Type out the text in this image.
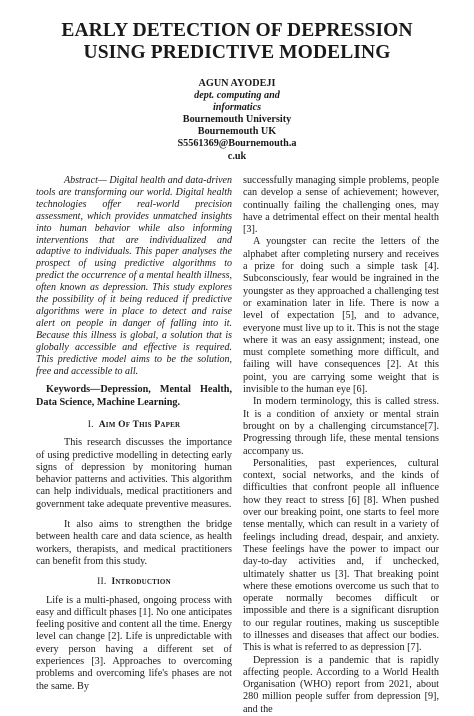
EARLY DETECTION OF DEPRESSION
USING PREDICTIVE MODELING
AGUN AYODEJI
dept. computing and
informatics
Bournemouth University
Bournemouth UK
S5561369@Bournemouth.a
c.uk

Abstract— Digital health and data-driven tools are transforming our world. Digital health technologies offer real-world precision assessment, which provides unmatched insights into human behavior while also informing interventions that are individualized and adaptive to individuals. This paper analyses the prospect of using predictive algorithms to predict the occurrence of a mental health illness, often known as depression. This study explores the possibility of it being reduced if predictive algorithms were in place to detect and raise alert on people in danger of falling into it. Because this illness is global, a solution that is globally accessible and effective is required. This predictive model aims to be the solution, free and accessible to all.

Keywords—Depression, Mental Health, Data Science, Machine Learning.

I. Aim Of This Paper

This research discusses the importance of using predictive modelling in detecting early signs of depression by monitoring human behavior patterns and activities. This algorithm can help individuals, medical practitioners and government take adequate preventive measures.

It also aims to strengthen the bridge between health care and data science, as health workers, therapists, and medical practitioners can benefit from this study.

II. Introduction

Life is a multi-phased, ongoing process with easy and difficult phases [1]. No one anticipates feeling positive and content all the time. Energy level can change [2]. Life is unpredictable with every person having a different set of experiences [3]. Approaches to overcoming problems and overcoming life's phases are not the same. By

successfully managing simple problems, people can develop a sense of achievement; however, continually failing the challenging ones, may have a detrimental effect on their mental health [3].

A youngster can recite the letters of the alphabet after completing nursery and receives a prize for doing such a simple task [4]. Subconsciously, fear would be ingrained in the youngster as they approached a challenging test or examination later in life. There is now a level of expectation [5], and to advance, everyone must live up to it. This is not the stage where it was an easy assignment; instead, one must complete something more difficult, and failing will have consequences [2]. At this point, you are carrying some weight that is invisible to the human eye [6].

In modern terminology, this is called stress. It is a condition of anxiety or mental strain brought on by a challenging circumstance[7]. Progressing through life, these mental tensions accompany us.

Personalities, past experiences, cultural context, social networks, and the kinds of difficulties that confront people all influence how they react to stress [6] [8]. When pushed over our breaking point, one starts to feel more tense mentally, which can result in a variety of feelings including dread, despair, and anxiety. These feelings have the power to impact our day-to-day activities and, if unchecked, ultimately shatter us [3]. That breaking point where these emotions overcome us such that to operate normally becomes difficult or impossible and there is a significant disruption to our regular routines, making us susceptible to illnesses and diseases that affect our bodies. This is what is referred to as depression [7].

Depression is a pandemic that is rapidly affecting people. According to a World Health Organisation (WHO) report from 2021, about 280 million people suffer from depression [9], and the
